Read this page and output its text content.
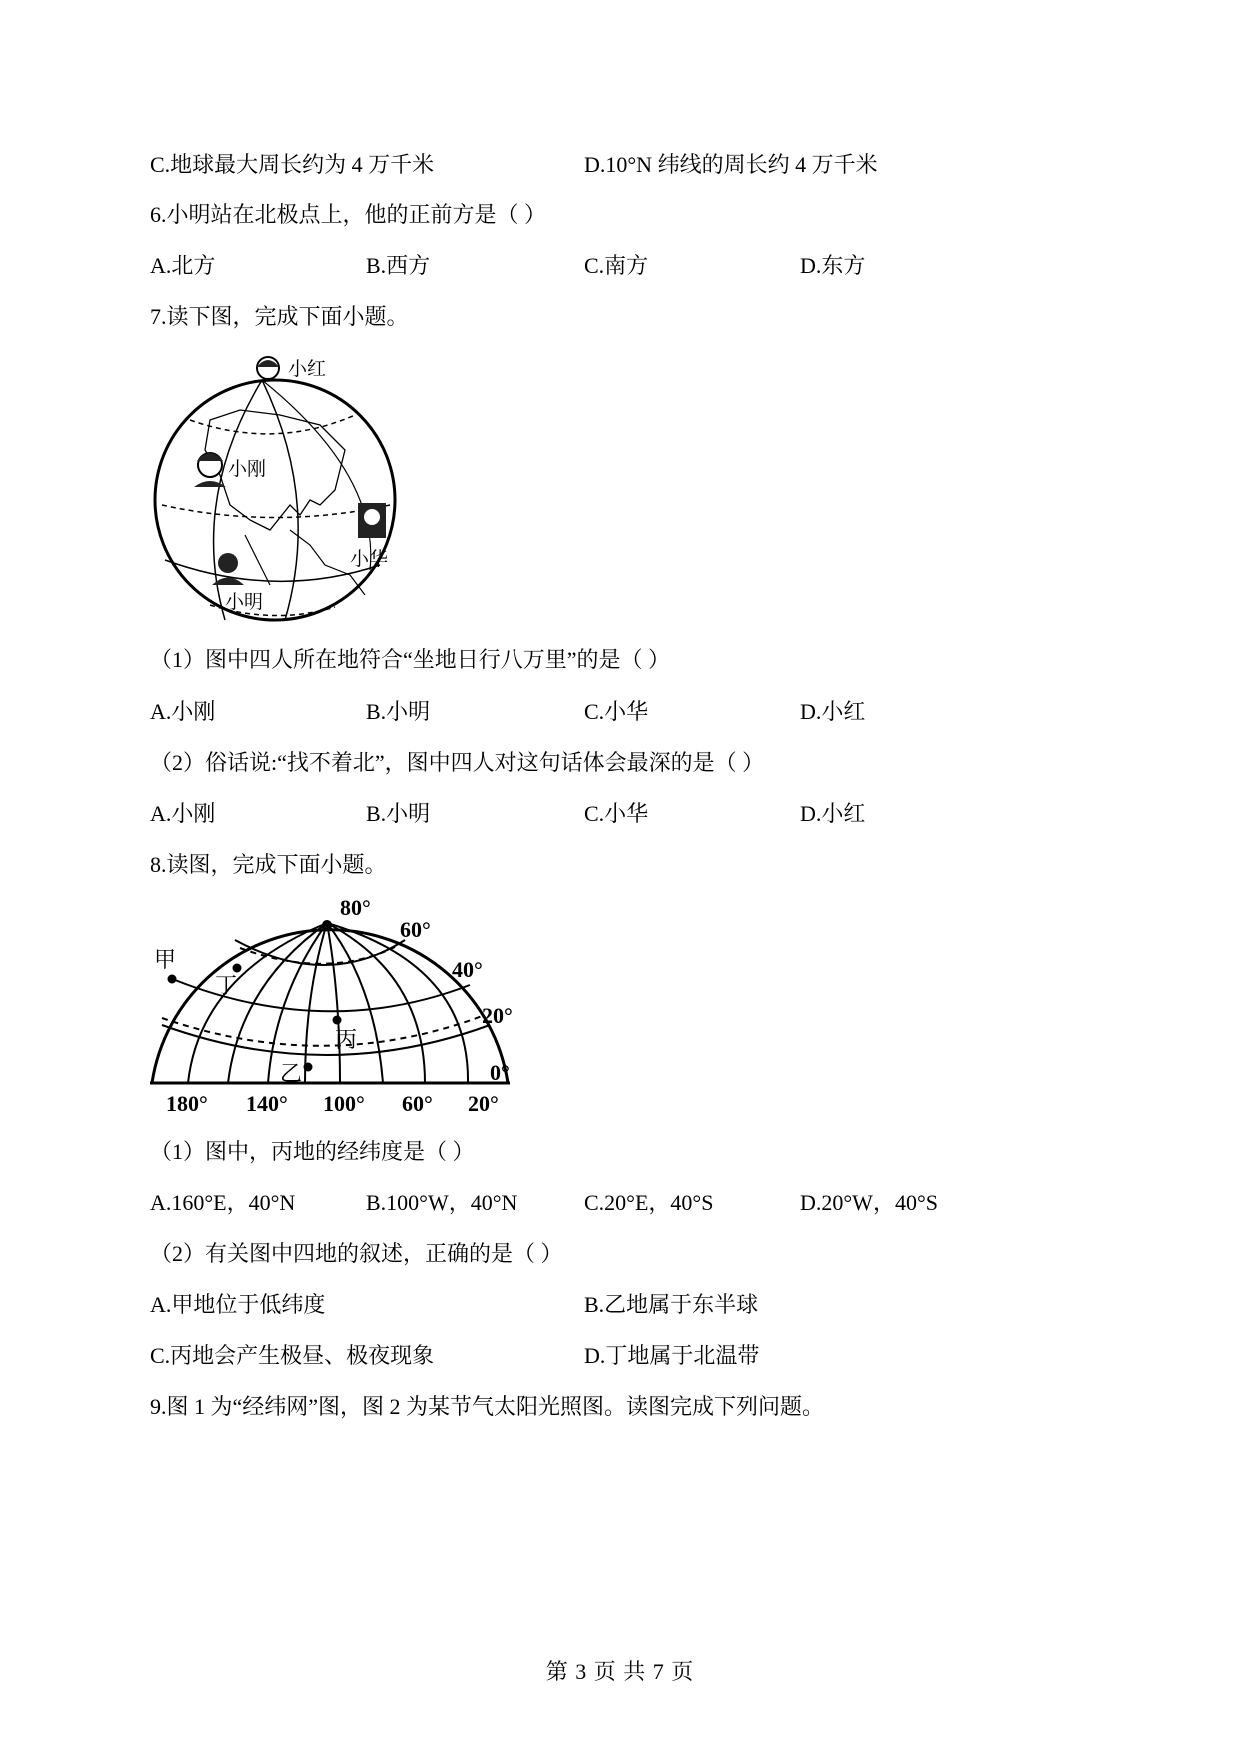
C.地球最大周长约为 4 万千米	D.10°N 纬线的周长约 4 万千米
6.小明站在北极点上，他的正前方是（ ）
A.北方	B.西方	C.南方	D.东方
7.读下图，完成下面小题。
小红
小刚
小华
小明
（1）图中四人所在地符合“坐地日行八万里”的是（ ）
A.小刚	B.小明	C.小华	D.小红
（2）俗话说:“找不着北”，图中四人对这句话体会最深的是（ ）
A.小刚	B.小明	C.小华	D.小红
8.读图，完成下面小题。
80°
60°
40°
20°
0°
180° 140° 100° 60° 20°
甲
丁
丙
乙
（1）图中，丙地的经纬度是（ ）
A.160°E，40°N	B.100°W，40°N	C.20°E，40°S	D.20°W，40°S
（2）有关图中四地的叙述，正确的是（ ）
A.甲地位于低纬度	B.乙地属于东半球
C.丙地会产生极昼、极夜现象	D.丁地属于北温带
9.图 1 为“经纬网”图，图 2 为某节气太阳光照图。读图完成下列问题。
第 3 页 共 7 页
